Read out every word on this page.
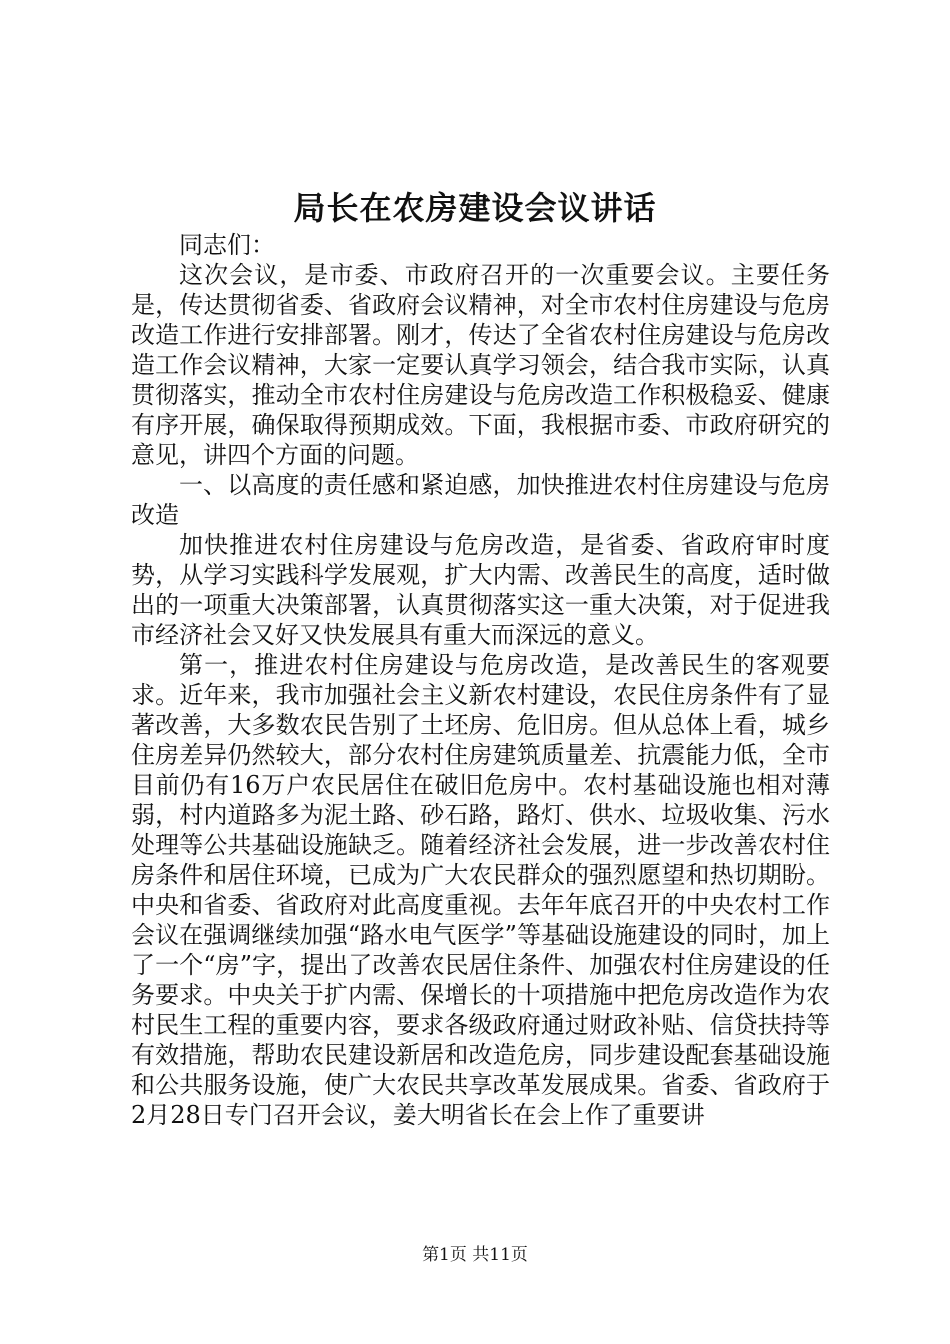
局长在农房建设会议讲话

同志们：

这次会议，是市委、市政府召开的一次重要会议。主要任务是，传达贯彻省委、省政府会议精神，对全市农村住房建设与危房改造工作进行安排部署。刚才，传达了全省农村住房建设与危房改造工作会议精神，大家一定要认真学习领会，结合我市实际，认真贯彻落实，推动全市农村住房建设与危房改造工作积极稳妥、健康有序开展，确保取得预期成效。下面，我根据市委、市政府研究的意见，讲四个方面的问题。

一、以高度的责任感和紧迫感，加快推进农村住房建设与危房改造

加快推进农村住房建设与危房改造，是省委、省政府审时度势，从学习实践科学发展观，扩大内需、改善民生的高度，适时做出的一项重大决策部署，认真贯彻落实这一重大决策，对于促进我市经济社会又好又快发展具有重大而深远的意义。

第一，推进农村住房建设与危房改造，是改善民生的客观要求。近年来，我市加强社会主义新农村建设，农民住房条件有了显著改善，大多数农民告别了土坯房、危旧房。但从总体上看，城乡住房差异仍然较大，部分农村住房建筑质量差、抗震能力低，全市目前仍有16万户农民居住在破旧危房中。农村基础设施也相对薄弱，村内道路多为泥土路、砂石路，路灯、供水、垃圾收集、污水处理等公共基础设施缺乏。随着经济社会发展，进一步改善农村住房条件和居住环境，已成为广大农民群众的强烈愿望和热切期盼。中央和省委、省政府对此高度重视。去年年底召开的中央农村工作会议在强调继续加强“路水电气医学”等基础设施建设的同时，加上了一个“房”字，提出了改善农民居住条件、加强农村住房建设的任务要求。中央关于扩内需、保增长的十项措施中把危房改造作为农村民生工程的重要内容，要求各级政府通过财政补贴、信贷扶持等有效措施，帮助农民建设新居和改造危房，同步建设配套基础设施和公共服务设施，使广大农民共享改革发展成果。省委、省政府于2月28日专门召开会议，姜大明省长在会上作了重要讲

第1页 共11页
